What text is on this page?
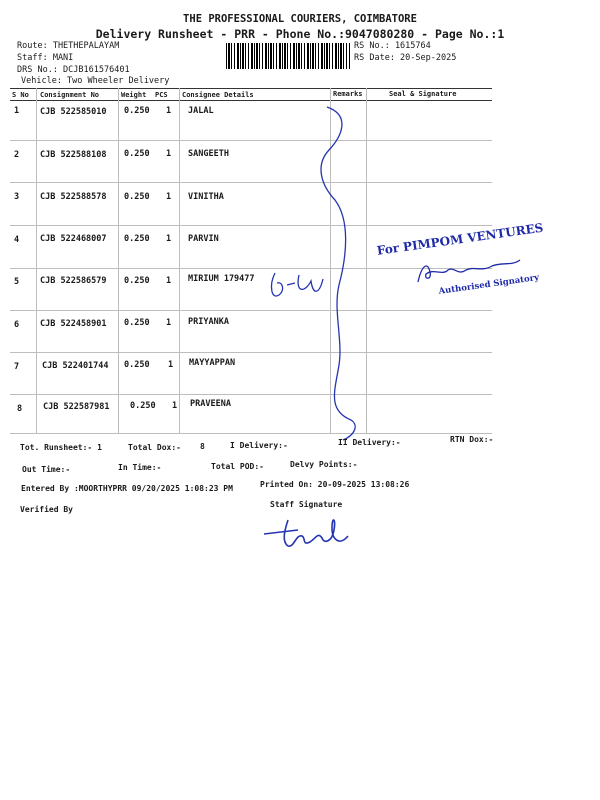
THE PROFESSIONAL COURIERS, COIMBATORE
Delivery Runsheet - PRR - Phone No.:9047080280 - Page No.:1
Route: THETHEPALAYAM
Staff: MANI
DRS No.: DCJB161576401
Vehicle: Two Wheeler Delivery
RS No.: 1615764
RS Date: 20-Sep-2025
S No Consignment No	Weight PCS Consignee Details	Remarks	Seal & Signature
1 CJB 522585010 0.250 1 JALAL
2 CJB 522588108 0.250 1 SANGEETH
3 CJB 522588578 0.250 1 VINITHA
4 CJB 522468007 0.250 1 PARVIN
5 CJB 522586579 0.250 1 MIRIUM 179477
6 CJB 522458901 0.250 1 PRIYANKA
7	CJB 522401744 0.250 1 MAYYAPPAN
8 CJB 522587981 0.250 1 PRAVEENA
For PIMPOM VENTURES
Authorised Signatory
Tot. Runsheet:- 1	Total Dox:- 8	I Delivery:-	II Delivery:-	RTN Dox:-
Out Time:-	In Time:-	Total POD:-	Delvy Points:-
Entered By :MOORTHYPRR 09/20/2025 1:08:23 PM	Printed On: 20-09-2025 13:08:26
Verified By
Staff Signature
